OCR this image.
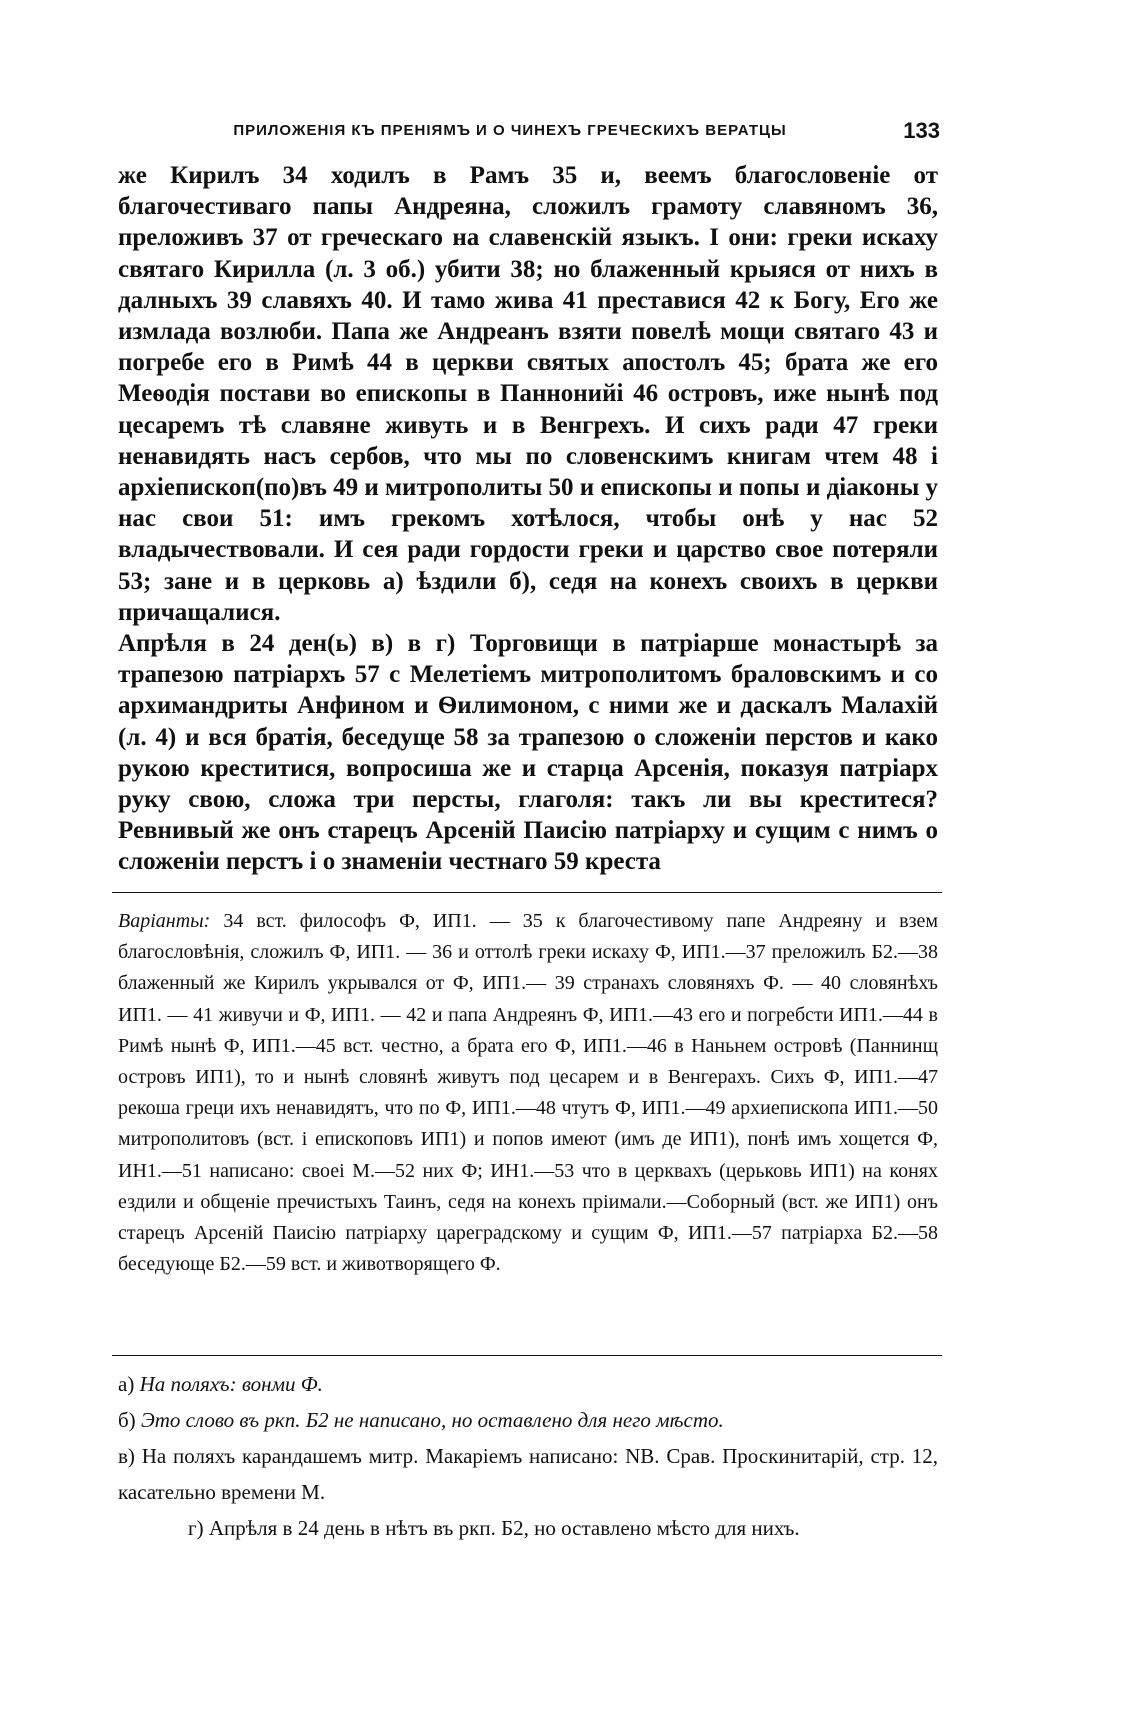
ПРИЛОЖЕНІЯ КЪ ПРЕНІЯМЪ И О ЧИНЕХЪ ГРЕЧЕСКИХЪ ВЕРАТЦЫ	133

же Кирилъ 34 ходилъ в Рамъ 35 и, веемъ благословеніе от благочестиваго папы Андреяна, сложилъ грамоту славяномъ 36, преложивъ 37 от греческаго на славенскій языкъ. І они: греки искаху святаго Кирилла (л. 3 об.) убити 38; но блаженный крыяся от нихъ в далныхъ 39 славяхъ 40. И тамо жива 41 преставися 42 к Богу, Его же измлада возлюби. Папа же Андреанъ взяти повелѣ мощи святаго 43 и погребе его в Римѣ 44 в церкви святых апостолъ 45; брата же его Меѳодія постави во епископы в Паннонийі 46 островъ, иже нынѣ под цесаремъ тѣ славяне живуть и в Венгрехъ. И сихъ ради 47 греки ненавидять насъ сербов, что мы по словенскимъ книгам чтем 48 і архіепископ(по)въ 49 и митрополиты 50 и епископы и попы и діаконы у нас свои 51: имъ грекомъ хотѣлося, чтобы онѣ у нас 52 владычествовали. И сея ради гордости греки и царство свое потеряли 53; зане и в церковь а) ѣздили б), седя на конехъ своихъ в церкви причащалися.

Апрѣля в 24 ден(ь) в) в г) Торговищи в патріарше монастырѣ за трапезою патріархъ 57 с Мелетіемъ митрополитомъ браловскимъ и со архимандриты Анфином и Ѳилимоном, с ними же и даскалъ Малахій (л. 4) и вся братія, беседуще 58 за трапезою о сложеніи перстов и како рукою креститися, вопросиша же и старца Арсенія, показуя патріарх руку свою, сложа три персты, глаголя: такъ ли вы креститеся? Ревнивый же онъ старецъ Арсеній Паисію патріарху и сущим с нимъ о сложеніи перстъ і о знаменіи честнаго 59 креста

Варіанты: 34 вст. философъ Ф, ИП1. — 35 к благочестивому папе Андреяну и взем благословѣнія, сложилъ Ф, ИП1. — 36 и оттолѣ греки искаху Ф, ИП1.—37 преложилъ Б2.—38 блаженный же Кирилъ укрывался от Ф, ИП1.— 39 странахъ словяняхъ Ф. — 40 словянѣхъ ИП1. — 41 живучи и Ф, ИП1. — 42 и папа Андреянъ Ф, ИП1.—43 его и погребсти ИП1.—44 в Римѣ нынѣ Ф, ИП1.—45 вст. честно, а брата его Ф, ИП1.—46 в Наньнем островѣ (Паннинщ островъ ИП1), то и нынѣ словянѣ живутъ под цесарем и в Венгерахъ. Сихъ Ф, ИП1.—47 рекоша греци ихъ ненавидятъ, что по Ф, ИП1.—48 чтутъ Ф, ИП1.—49 архиепископа ИП1.—50 митрополитовъ (вст. і епископовъ ИП1) и попов имеют (имъ де ИП1), понѣ имъ хощется Ф, ИН1.—51 написано: своеі М.—52 них Ф; ИН1.—53 что в церквахъ (церьковь ИП1) на конях ездили и общеніе пречистыхъ Таинъ, седя на конехъ пріимали.—Соборный (вст. же ИП1) онъ старецъ Арсеній Паисію патріарху цареградскому и сущим Ф, ИП1.—57 патріарха Б2.—58 беседующе Б2.—59 вст. и животворящего Ф.

а) На поляхъ: вонми Ф.

б) Это слово въ ркп. Б2 не написано, но оставлено для него мѣсто.

в) На поляхъ карандашемъ митр. Макаріемъ написано: NB. Срав. Проскинитарій, стр. 12, касательно времени М.

г) Апрѣля в 24 день в нѣтъ въ ркп. Б2, но оставлено мѣсто для нихъ.
